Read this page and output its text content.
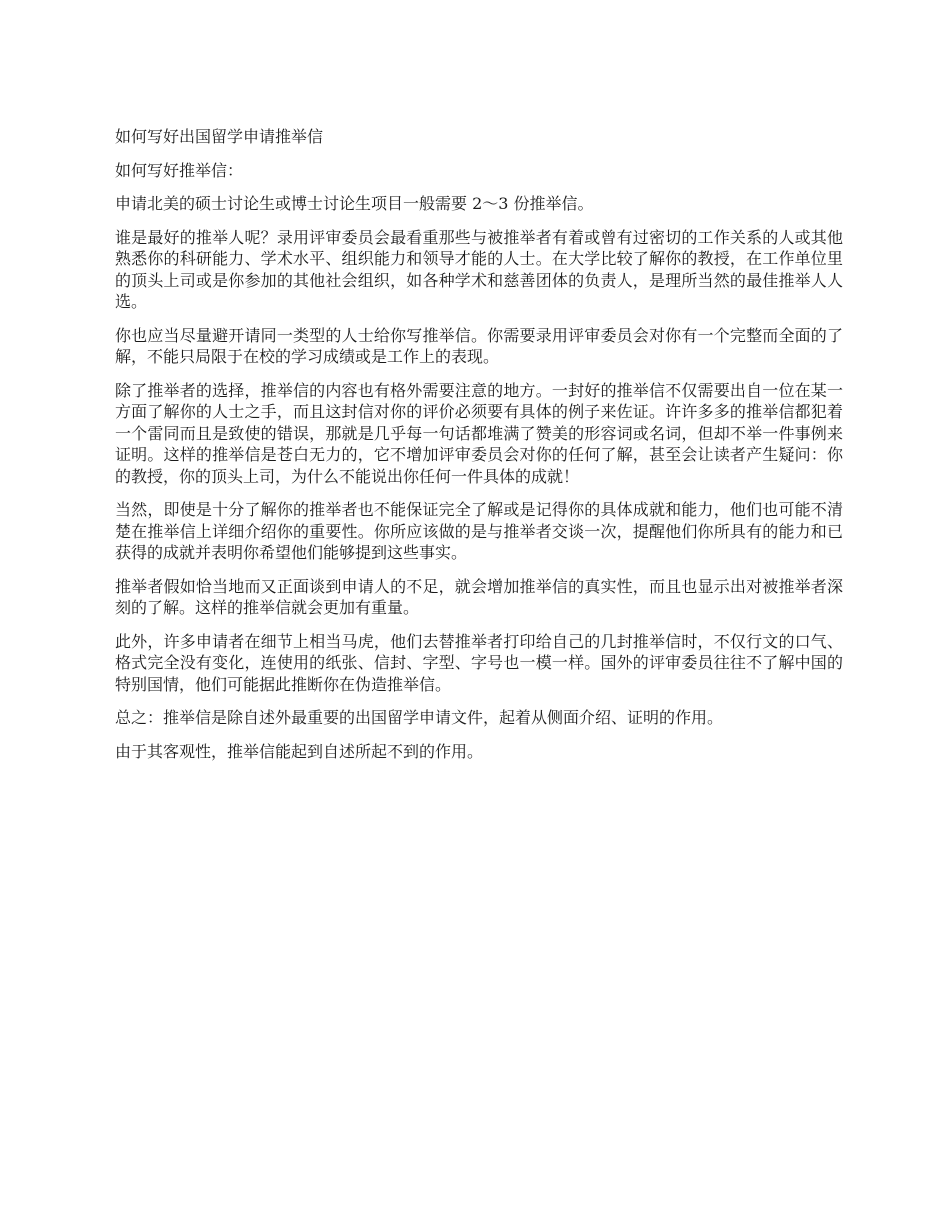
如何写好出国留学申请推举信

如何写好推举信：

申请北美的硕士讨论生或博士讨论生项目一般需要 2～3 份推举信。

谁是最好的推举人呢？录用评审委员会最看重那些与被推举者有着或曾有过密切的工作关系的人或其他熟悉你的科研能力、学术水平、组织能力和领导才能的人士。在大学比较了解你的教授，在工作单位里的顶头上司或是你参加的其他社会组织，如各种学术和慈善团体的负责人，是理所当然的最佳推举人人选。

你也应当尽量避开请同一类型的人士给你写推举信。你需要录用评审委员会对你有一个完整而全面的了解，不能只局限于在校的学习成绩或是工作上的表现。

除了推举者的选择，推举信的内容也有格外需要注意的地方。一封好的推举信不仅需要出自一位在某一方面了解你的人士之手，而且这封信对你的评价必须要有具体的例子来佐证。许许多多的推举信都犯着一个雷同而且是致使的错误，那就是几乎每一句话都堆满了赞美的形容词或名词，但却不举一件事例来证明。这样的推举信是苍白无力的，它不增加评审委员会对你的任何了解，甚至会让读者产生疑问：你的教授，你的顶头上司，为什么不能说出你任何一件具体的成就！

当然，即使是十分了解你的推举者也不能保证完全了解或是记得你的具体成就和能力，他们也可能不清楚在推举信上详细介绍你的重要性。你所应该做的是与推举者交谈一次，提醒他们你所具有的能力和已获得的成就并表明你希望他们能够提到这些事实。

推举者假如恰当地而又正面谈到申请人的不足，就会增加推举信的真实性，而且也显示出对被推举者深刻的了解。这样的推举信就会更加有重量。

此外，许多申请者在细节上相当马虎，他们去替推举者打印给自己的几封推举信时，不仅行文的口气、格式完全没有变化，连使用的纸张、信封、字型、字号也一模一样。国外的评审委员往往不了解中国的特别国情，他们可能据此推断你在伪造推举信。

总之：推举信是除自述外最重要的出国留学申请文件，起着从侧面介绍、证明的作用。

由于其客观性，推举信能起到自述所起不到的作用。
